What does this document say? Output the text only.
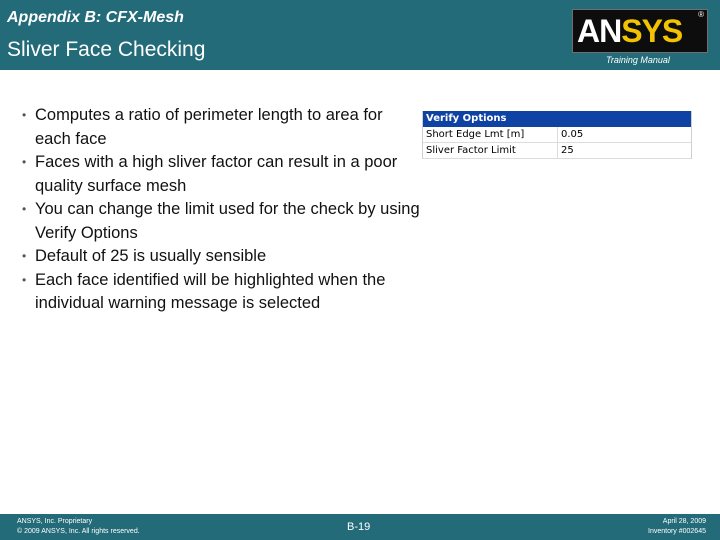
Appendix B: CFX-Mesh
Sliver Face Checking
ANSYS ®
Training Manual
• Computes a ratio of perimeter length to area for each face
• Faces with a high sliver factor can result in a poor quality surface mesh
• You can change the limit used for the check by using Verify Options
• Default of 25 is usually sensible
• Each face identified will be highlighted when the individual warning message is selected
Verify Options
Short Edge Lmt [m]	0.05
Sliver Factor Limit	25
ANSYS, Inc. Proprietary
© 2009 ANSYS, Inc. All rights reserved.	B-19	April 28, 2009
Inventory #002645
